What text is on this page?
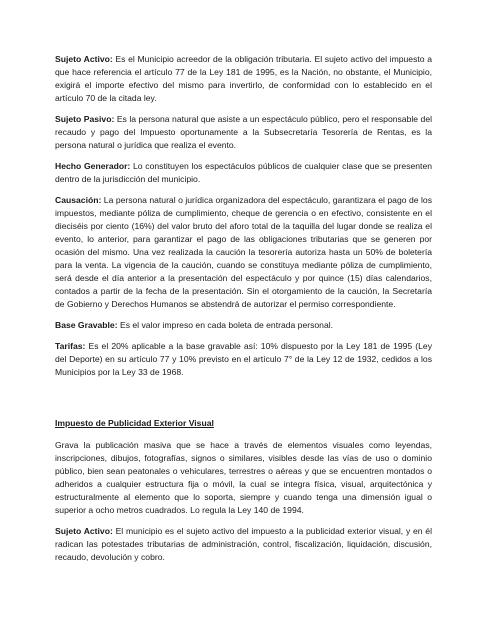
Sujeto Activo: Es el Municipio acreedor de la obligación tributaria. El sujeto activo del impuesto a que hace referencia el artículo 77 de la Ley 181 de 1995, es la Nación, no obstante, el Municipio, exigirá el importe efectivo del mismo para invertirlo, de conformidad con lo establecido en el artículo 70 de la citada ley.

Sujeto Pasivo: Es la persona natural que asiste a un espectáculo público, pero el responsable del recaudo y pago del Impuesto oportunamente a la Subsecretaría Tesorería de Rentas, es la persona natural o jurídica que realiza el evento.

Hecho Generador: Lo constituyen los espectáculos públicos de cualquier clase que se presenten dentro de la jurisdicción del municipio.

Causación: La persona natural o jurídica organizadora del espectáculo, garantizara el pago de los impuestos, mediante póliza de cumplimiento, cheque de gerencia o en efectivo, consistente en el dieciséis por ciento (16%) del valor bruto del aforo total de la taquilla del lugar donde se realiza el evento, lo anterior, para garantizar el pago de las obligaciones tributarias que se generen por ocasión del mismo. Una vez realizada la caución la tesorería autoriza hasta un 50% de boletería para la venta. La vigencia de la caución, cuando se constituya mediante póliza de cumplimiento, será desde el día anterior a la presentación del espectáculo y por quince (15) días calendarios, contados a partir de la fecha de la presentación. Sin el otorgamiento de la caución, la Secretaría de Gobierno y Derechos Humanos se abstendrá de autorizar el permiso correspondiente.

Base Gravable: Es el valor impreso en cada boleta de entrada personal.

Tarifas: Es el 20% aplicable a la base gravable así: 10% dispuesto por la Ley 181 de 1995 (Ley del Deporte) en su artículo 77 y 10% previsto en el artículo 7° de la Ley 12 de 1932, cedidos a los Municipios por la Ley 33 de 1968.

Impuesto de Publicidad Exterior Visual

Grava la publicación masiva que se hace a través de elementos visuales como leyendas, inscripciones, dibujos, fotografías, signos o similares, visibles desde las vías de uso o dominio público, bien sean peatonales o vehiculares, terrestres o aéreas y que se encuentren montados o adheridos a cualquier estructura fija o móvil, la cual se integra física, visual, arquitectónica y estructuralmente al elemento que lo soporta, siempre y cuando tenga una dimensión igual o superior a ocho metros cuadrados. Lo regula la Ley 140 de 1994.

Sujeto Activo: El municipio es el sujeto activo del impuesto a la publicidad exterior visual, y en él radican las potestades tributarias de administración, control, fiscalización, liquidación, discusión, recaudo, devolución y cobro.
